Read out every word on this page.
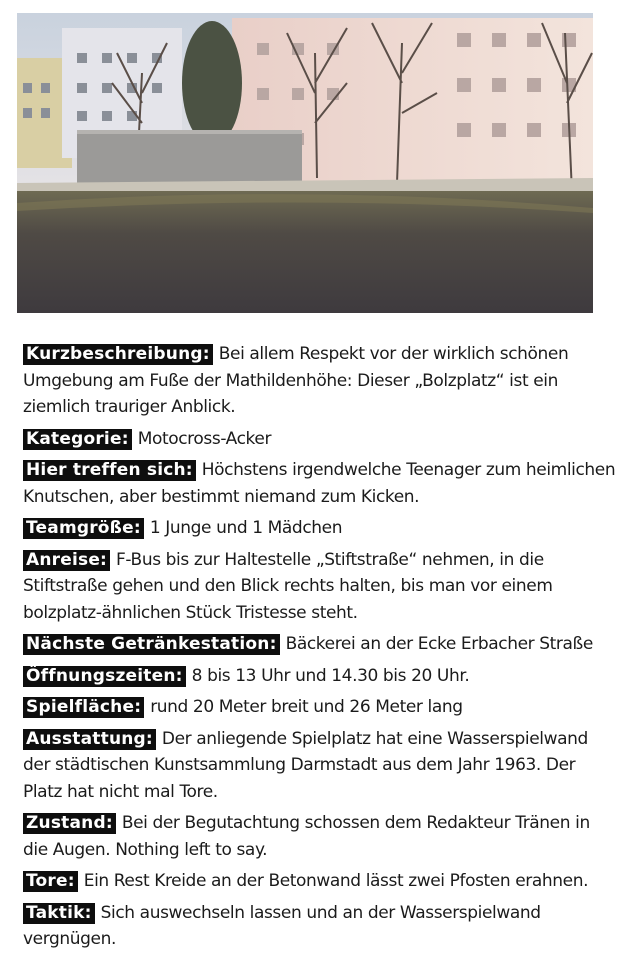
Kurzbeschreibung: Bei allem Respekt vor der wirklich schönen Umgebung am Fuße der Mathildenhöhe: Dieser „Bolzplatz“ ist ein ziemlich trauriger Anblick.

Kategorie: Motocross-Acker

Hier treffen sich: Höchstens irgendwelche Teenager zum heimlichen Knutschen, aber bestimmt niemand zum Kicken.

Teamgröße: 1 Junge und 1 Mädchen

Anreise: F-Bus bis zur Haltestelle „Stiftstraße“ nehmen, in die Stiftstraße gehen und den Blick rechts halten, bis man vor einem bolzplatz-ähnlichen Stück Tristesse steht.

Nächste Getränkestation: Bäckerei an der Ecke Erbacher Straße

Öffnungszeiten: 8 bis 13 Uhr und 14.30 bis 20 Uhr.

Spielfläche: rund 20 Meter breit und 26 Meter lang

Ausstattung: Der anliegende Spielplatz hat eine Wasserspielwand der städtischen Kunstsammlung Darmstadt aus dem Jahr 1963. Der Platz hat nicht mal Tore.

Zustand: Bei der Begutachtung schossen dem Redakteur Tränen in die Augen. Nothing left to say.

Tore: Ein Rest Kreide an der Betonwand lässt zwei Pfosten erahnen.

Taktik: Sich auswechseln lassen und an der Wasserspielwand vergnügen.
